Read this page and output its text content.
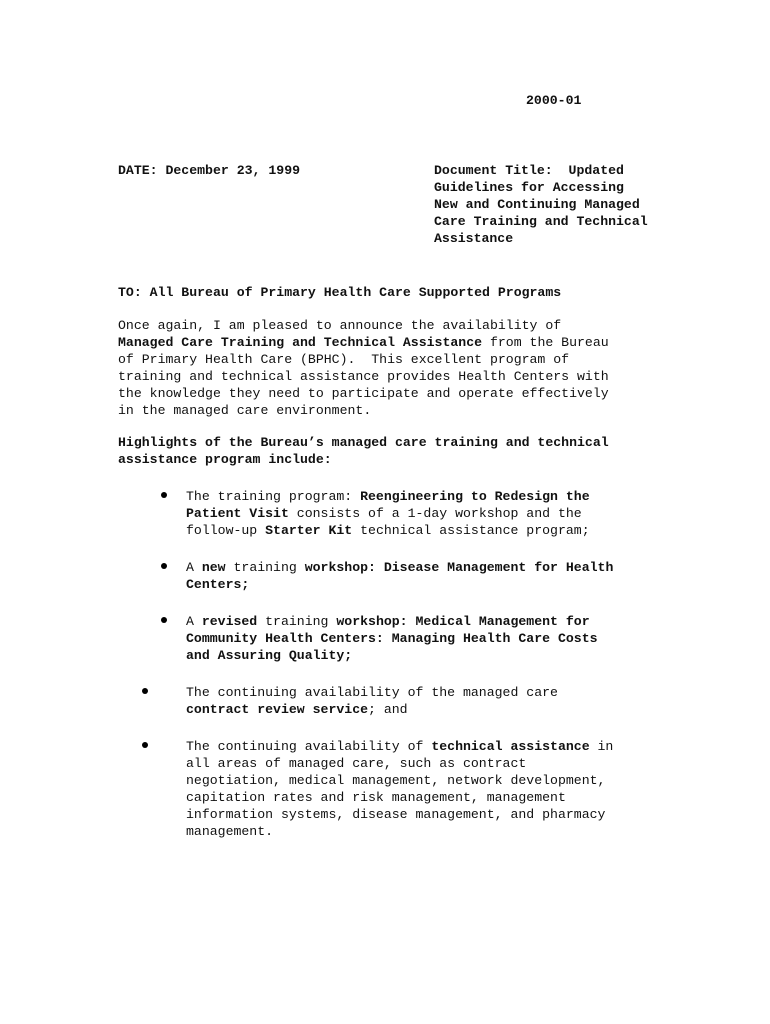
2000-01
DATE: December 23, 1999	Document Title:  Updated
Guidelines for Accessing
New and Continuing Managed
Care Training and Technical
Assistance
TO: All Bureau of Primary Health Care Supported Programs
Once again, I am pleased to announce the availability of
Managed Care Training and Technical Assistance from the Bureau
of Primary Health Care (BPHC).  This excellent program of
training and technical assistance provides Health Centers with
the knowledge they need to participate and operate effectively
in the managed care environment.
Highlights of the Bureau’s managed care training and technical
assistance program include:
The training program: Reengineering to Redesign the
Patient Visit consists of a 1-day workshop and the
follow-up Starter Kit technical assistance program;
A new training workshop: Disease Management for Health
Centers;
A revised training workshop: Medical Management for
Community Health Centers: Managing Health Care Costs
and Assuring Quality;
The continuing availability of the managed care
contract review service; and
The continuing availability of technical assistance in
all areas of managed care, such as contract
negotiation, medical management, network development,
capitation rates and risk management, management
information systems, disease management, and pharmacy
management.
